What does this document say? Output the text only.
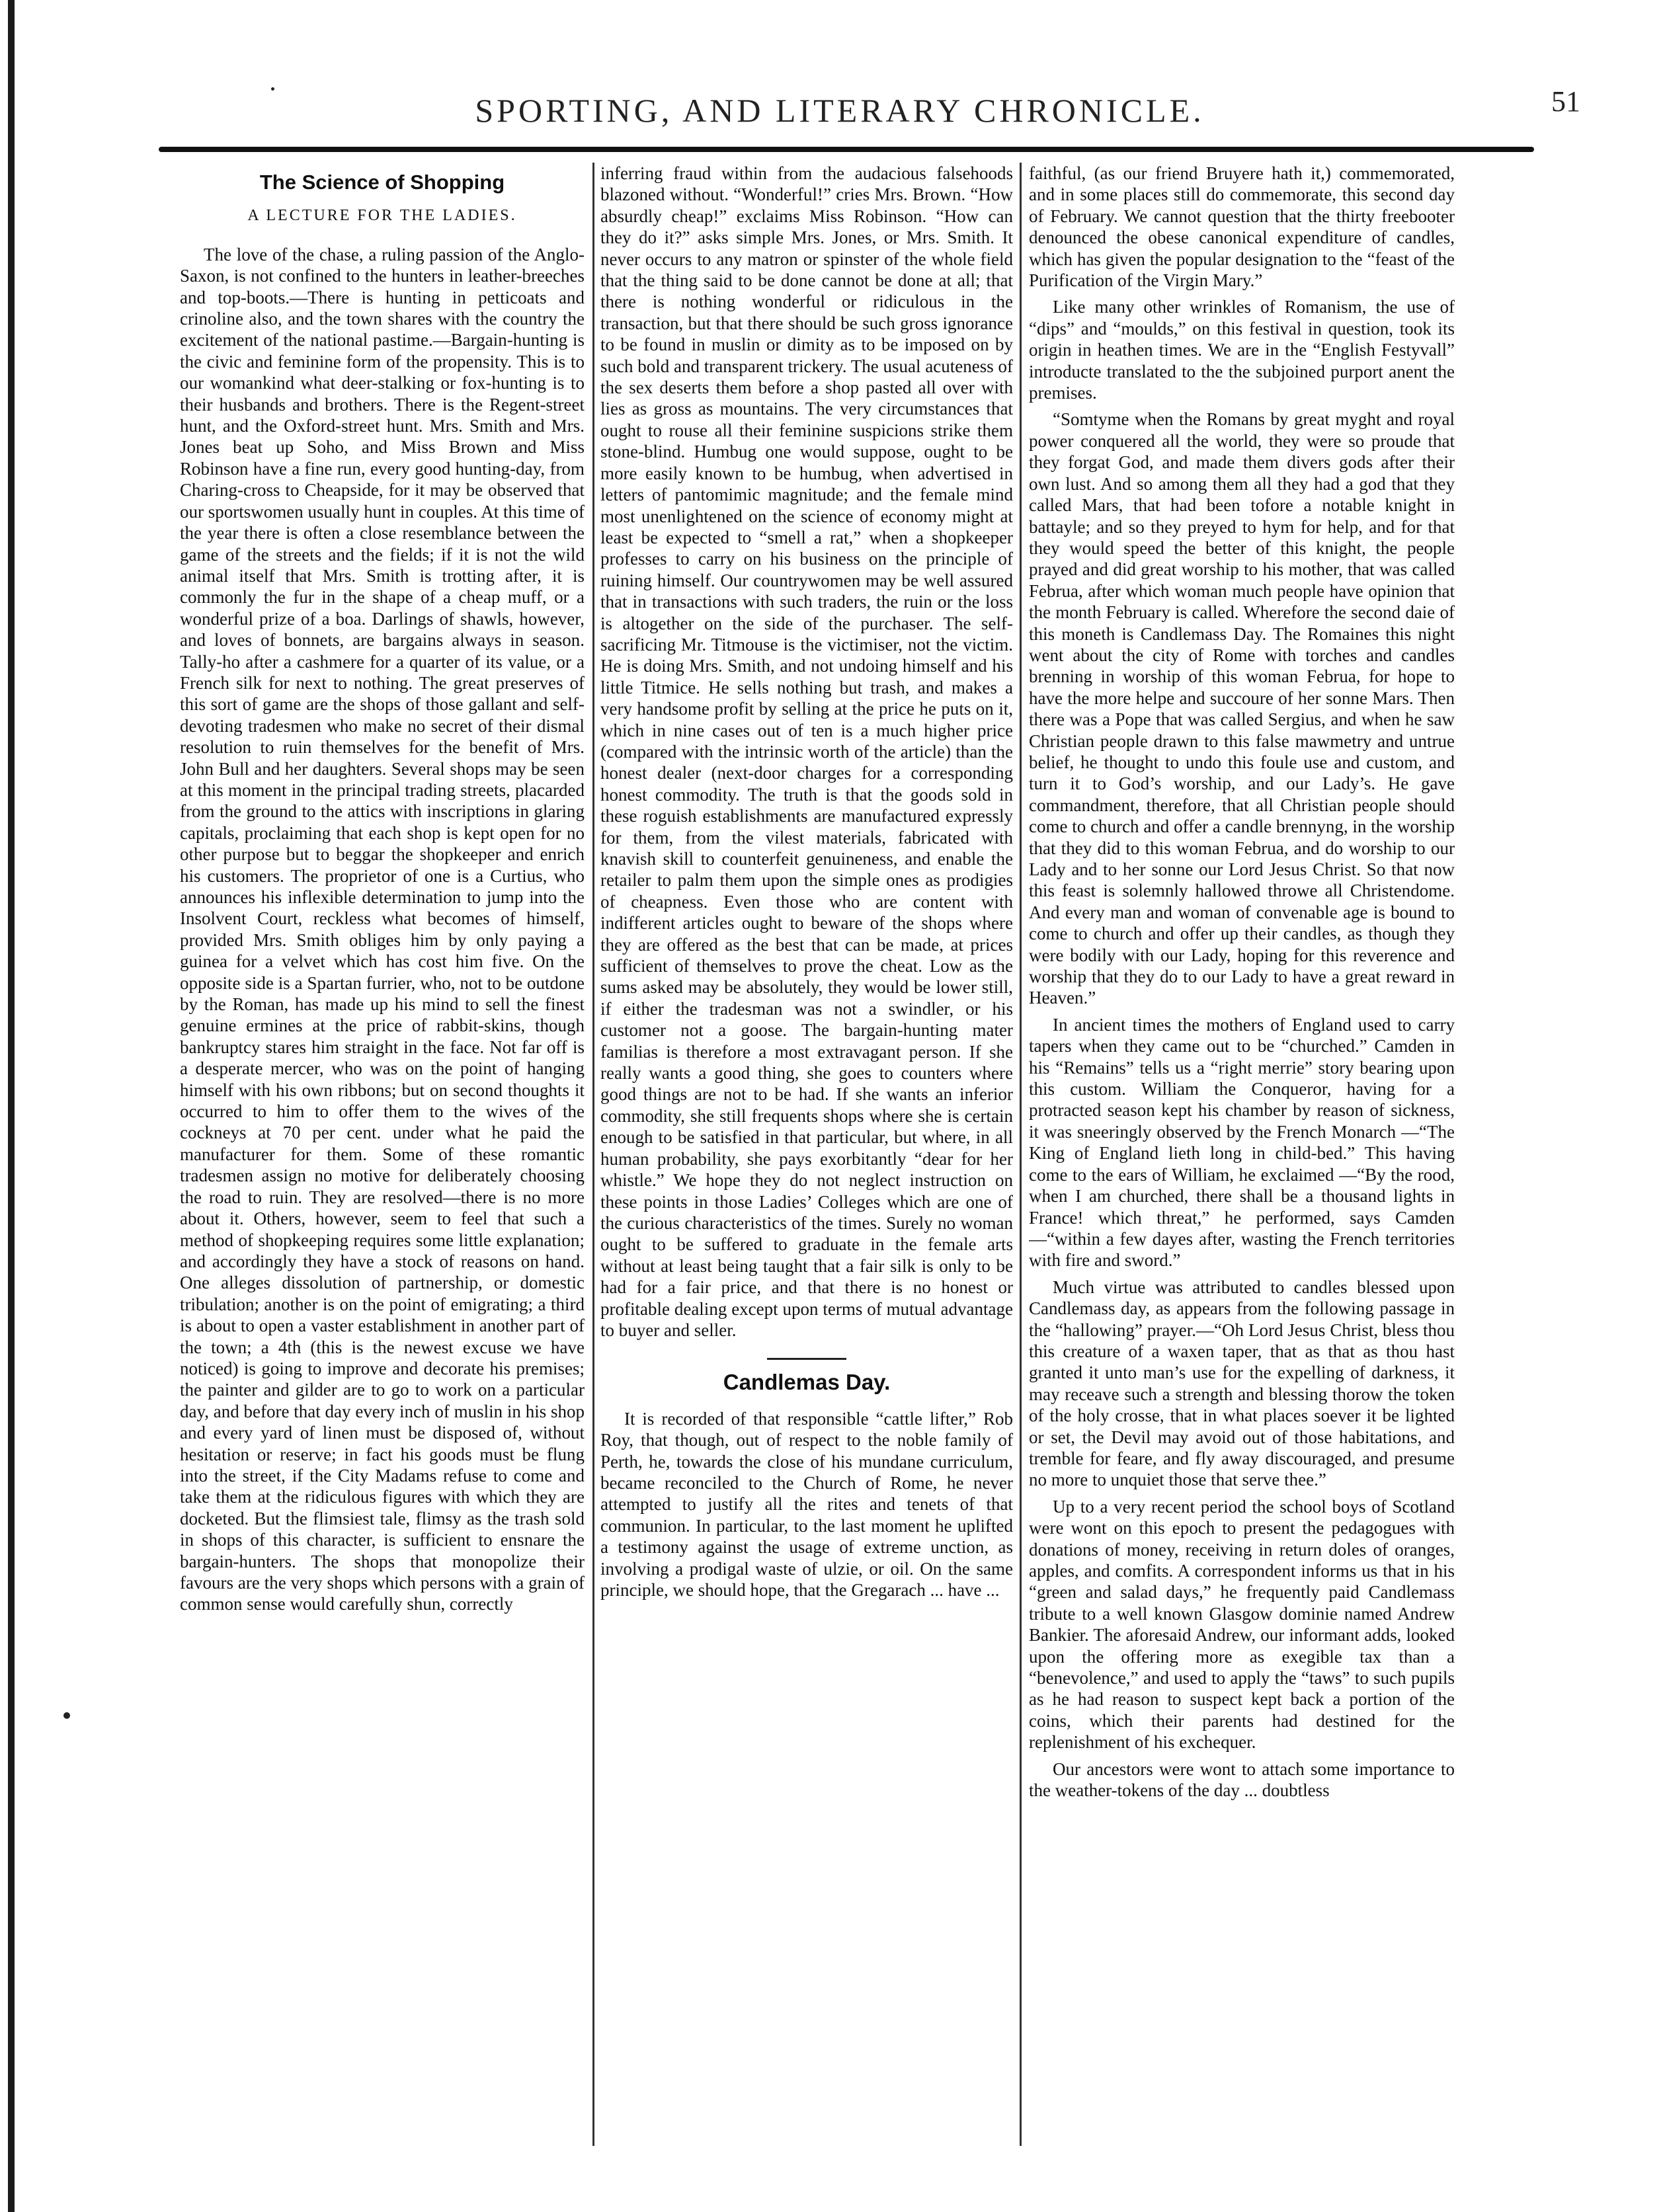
SPORTING, AND LITERARY CHRONICLE.	51
The Science of Shopping
A LECTURE FOR THE LADIES.

The love of the chase, a ruling passion of the Anglo-Saxon, is not confined to the hunters in leather-breeches and top-boots.—There is hunting in petticoats and crinoline also, and the town shares with the country the excitement of the national pastime.—Bargain-hunting is the civic and feminine form of the propensity. This is to our womankind what deer-stalking or fox-hunting is to their husbands and brothers. There is the Regent-street hunt, and the Oxford-street hunt. Mrs. Smith and Mrs. Jones beat up Soho, and Miss Brown and Miss Robinson have a fine run, every good hunting-day, from Charing-cross to Cheapside, for it may be observed that our sportswomen usually hunt in couples. At this time of the year there is often a close resemblance between the game of the streets and the fields; if it is not the wild animal itself that Mrs. Smith is trotting after, it is commonly the fur in the shape of a cheap muff, or a wonderful prize of a boa. Darlings of shawls, however, and loves of bonnets, are bargains always in season. Tally-ho after a cashmere for a quarter of its value, or a French silk for next to nothing. The great preserves of this sort of game are the shops of those gallant and self-devoting tradesmen who make no secret of their dismal resolution to ruin themselves for the benefit of Mrs. John Bull and her daughters. Several shops may be seen at this moment in the principal trading streets, placarded from the ground to the attics with inscriptions in glaring capitals, proclaiming that each shop is kept open for no other purpose but to beggar the shopkeeper and enrich his customers. The proprietor of one is a Curtius, who announces his inflexible determination to jump into the Insolvent Court, reckless what becomes of himself, provided Mrs. Smith obliges him by only paying a guinea for a velvet which has cost him five. On the opposite side is a Spartan furrier, who, not to be outdone by the Roman, has made up his mind to sell the finest genuine ermines at the price of rabbit-skins, though bankruptcy stares him straight in the face. Not far off is a desperate mercer, who was on the point of hanging himself with his own ribbons; but on second thoughts it occurred to him to offer them to the wives of the cockneys at 70 per cent. under what he paid the manufacturer for them. Some of these romantic tradesmen assign no motive for deliberately choosing the road to ruin. They are resolved—there is no more about it. Others, however, seem to feel that such a method of shopkeeping requires some little explanation; and accordingly they have a stock of reasons on hand. One alleges dissolution of partnership, or domestic tribulation; another is on the point of emigrating; a third is about to open a vaster establishment in another part of the town; a 4th (this is the newest excuse we have noticed) is going to improve and decorate his premises; the painter and gilder are to go to work on a particular day, and before that day every inch of muslin in his shop and every yard of linen must be disposed of, without hesitation or reserve; in fact his goods must be flung into the street, if the City Madams refuse to come and take them at the ridiculous figures with which they are docketed. But the flimsiest tale, flimsy as the trash sold in shops of this character, is sufficient to ensnare the bargain-hunters. The shops that monopolize their favours are the very shops which persons with a grain of common sense would carefully shun, correctly

inferring fraud within from the audacious falsehoods blazoned without. “Wonderful!” cries Mrs. Brown. “How absurdly cheap!” exclaims Miss Robinson. “How can they do it?” asks simple Mrs. Jones, or Mrs. Smith. It never occurs to any matron or spinster of the whole field that the thing said to be done cannot be done at all; that there is nothing wonderful or ridiculous in the transaction, but that there should be such gross ignorance to be found in muslin or dimity as to be imposed on by such bold and transparent trickery. The usual acuteness of the sex deserts them before a shop pasted all over with lies as gross as mountains. The very circumstances that ought to rouse all their feminine suspicions strike them stone-blind. Humbug one would suppose, ought to be more easily known to be humbug, when advertised in letters of pantomimic magnitude; and the female mind most unenlightened on the science of economy might at least be expected to “smell a rat,” when a shopkeeper professes to carry on his business on the principle of ruining himself. Our countrywomen may be well assured that in transactions with such traders, the ruin or the loss is altogether on the side of the purchaser. The self-sacrificing Mr. Titmouse is the victimiser, not the victim. He is doing Mrs. Smith, and not undoing himself and his little Titmice. He sells nothing but trash, and makes a very handsome profit by selling at the price he puts on it, which in nine cases out of ten is a much higher price (compared with the intrinsic worth of the article) than the honest dealer (next-door charges for a corresponding honest commodity. The truth is that the goods sold in these roguish establishments are manufactured expressly for them, from the vilest materials, fabricated with knavish skill to counterfeit genuineness, and enable the retailer to palm them upon the simple ones as prodigies of cheapness. Even those who are content with indifferent articles ought to beware of the shops where they are offered as the best that can be made, at prices sufficient of themselves to prove the cheat. Low as the sums asked may be absolutely, they would be lower still, if either the tradesman was not a swindler, or his customer not a goose. The bargain-hunting mater familias is therefore a most extravagant person. If she really wants a good thing, she goes to counters where good things are not to be had. If she wants an inferior commodity, she still frequents shops where she is certain enough to be satisfied in that particular, but where, in all human probability, she pays exorbitantly “dear for her whistle.” We hope they do not neglect instruction on these points in those Ladies’ Colleges which are one of the curious characteristics of the times. Surely no woman ought to be suffered to graduate in the female arts without at least being taught that a fair silk is only to be had for a fair price, and that there is no honest or profitable dealing except upon terms of mutual advantage to buyer and seller.

Candlemas Day.

It is recorded of that responsible “cattle lifter,” Rob Roy, that though, out of respect to the noble family of Perth, he, towards the close of his mundane curriculum, became reconciled to the Church of Rome, he never attempted to justify all the rites and tenets of that communion. In particular, to the last moment he uplifted a testimony against the usage of extreme unction, as involving a prodigal waste of ulzie, or oil. On the same principle, we should hope, that the Gregarach ... have ...

faithful, (as our friend Bruyere hath it,) commemorated, and in some places still do commemorate, this second day of February. We cannot question that the thirty freebooter denounced the obese canonical expenditure of candles, which has given the popular designation to the “feast of the Purification of the Virgin Mary.”

Like many other wrinkles of Romanism, the use of “dips” and “moulds,” on this festival in question, took its origin in heathen times. We are in the “English Festyvall” introducte translated to the the subjoined purport anent the premises.

“Somtyme when the Romans by great myght and royal power conquered all the world, they were so proude that they forgat God, and made them divers gods after their own lust. And so among them all they had a god that they called Mars, that had been tofore a notable knight in battayle; and so they preyed to hym for help, and for that they would speed the better of this knight, the people prayed and did great worship to his mother, that was called Februa, after which woman much people have opinion that the month February is called. Wherefore the second daie of this moneth is Candlemass Day. The Romaines this night went about the city of Rome with torches and candles brenning in worship of this woman Februa, for hope to have the more helpe and succoure of her sonne Mars. Then there was a Pope that was called Sergius, and when he saw Christian people drawn to this false mawmetry and untrue belief, he thought to undo this foule use and custom, and turn it to God’s worship, and our Lady’s. He gave commandment, therefore, that all Christian people should come to church and offer a candle brennyng, in the worship that they did to this woman Februa, and do worship to our Lady and to her sonne our Lord Jesus Christ. So that now this feast is solemnly hallowed throwe all Christendome. And every man and woman of convenable age is bound to come to church and offer up their candles, as though they were bodily with our Lady, hoping for this reverence and worship that they do to our Lady to have a great reward in Heaven.”

In ancient times the mothers of England used to carry tapers when they came out to be “churched.” Camden in his “Remains” tells us a “right merrie” story bearing upon this custom. William the Conqueror, having for a protracted season kept his chamber by reason of sickness, it was sneeringly observed by the French Monarch —“The King of England lieth long in child-bed.” This having come to the ears of William, he exclaimed —“By the rood, when I am churched, there shall be a thousand lights in France! which threat,” he performed, says Camden—“within a few dayes after, wasting the French territories with fire and sword.”

Much virtue was attributed to candles blessed upon Candlemass day, as appears from the following passage in the “hallowing” prayer.—“Oh Lord Jesus Christ, bless thou this creature of a waxen taper, that as that as thou hast granted it unto man’s use for the expelling of darkness, it may receave such a strength and blessing thorow the token of the holy crosse, that in what places soever it be lighted or set, the Devil may avoid out of those habitations, and tremble for feare, and fly away discouraged, and presume no more to unquiet those that serve thee.”

Up to a very recent period the school boys of Scotland were wont on this epoch to present the pedagogues with donations of money, receiving in return doles of oranges, apples, and comfits. A correspondent informs us that in his “green and salad days,” he frequently paid Candlemass tribute to a well known Glasgow dominie named Andrew Bankier. The aforesaid Andrew, our informant adds, looked upon the offering more as exegible tax than a “benevolence,” and used to apply the “taws” to such pupils as he had reason to suspect kept back a portion of the coins, which their parents had destined for the replenishment of his exchequer.

Our ancestors were wont to attach some importance to the weather-tokens of the day ... doubtless
